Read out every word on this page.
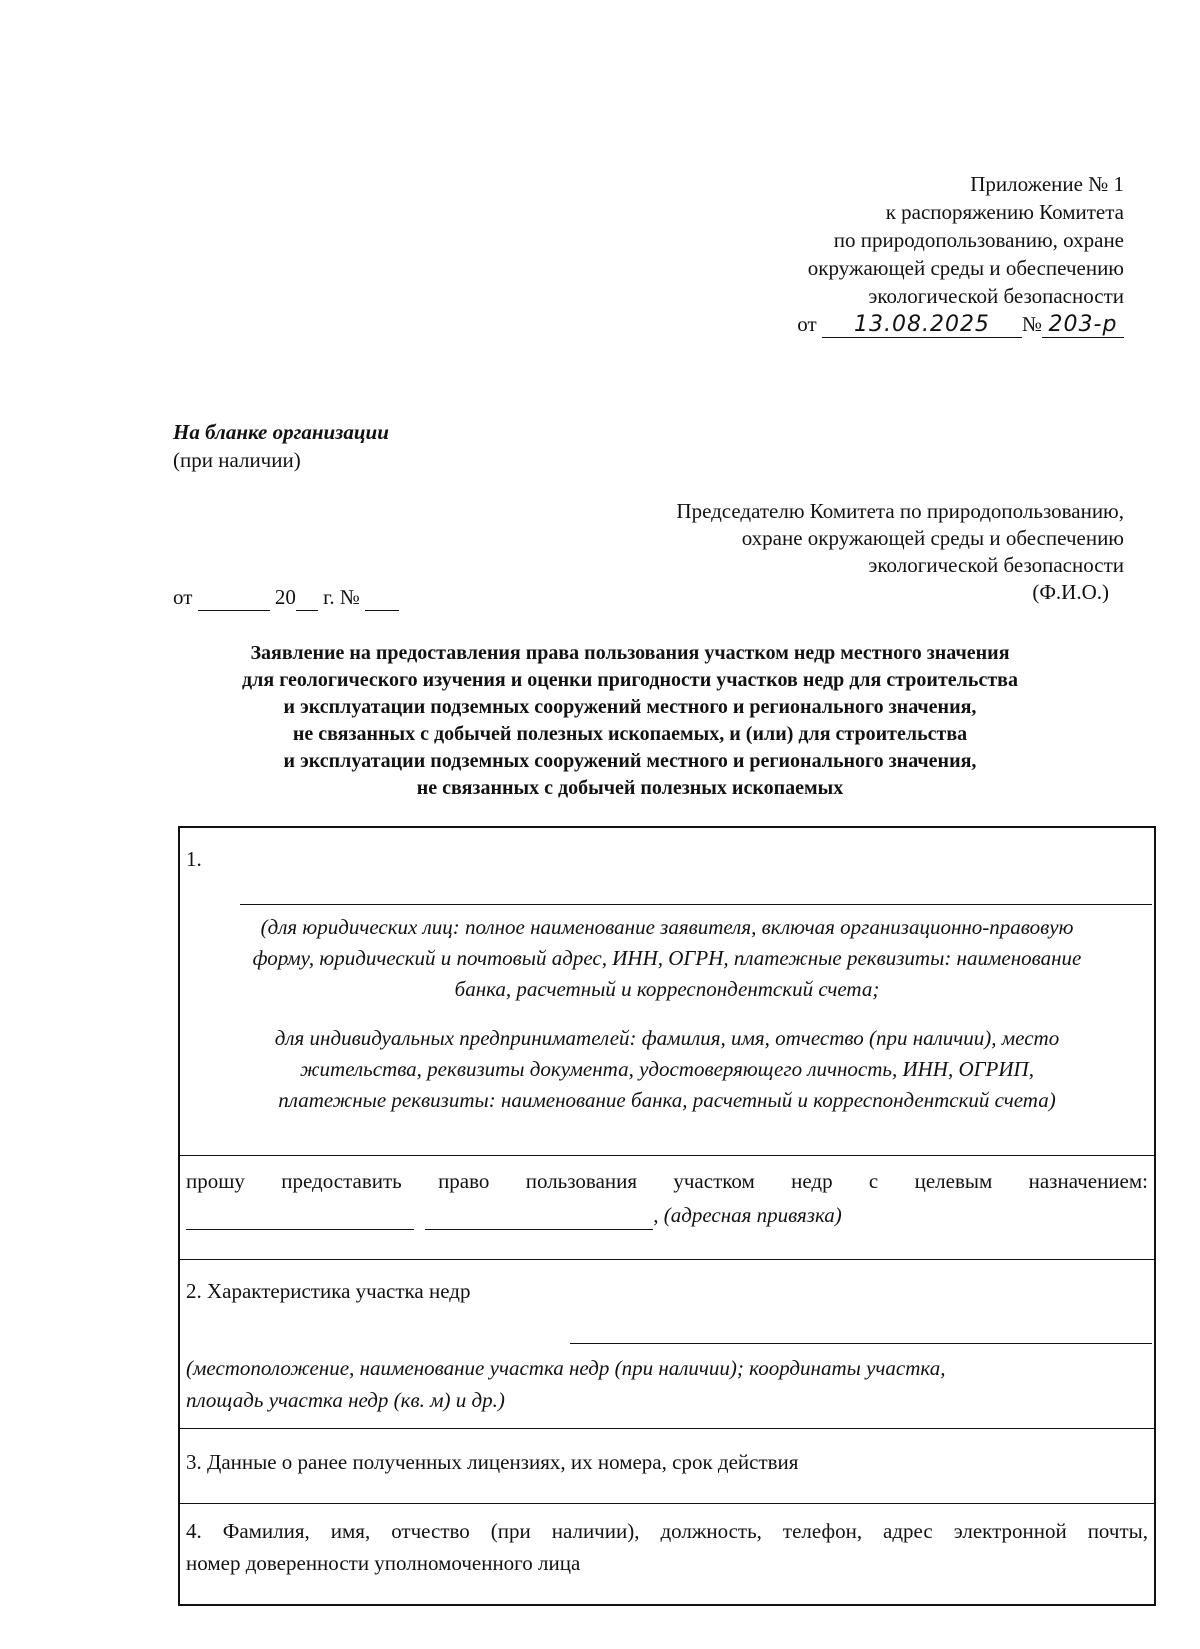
Приложение № 1
к распоряжению Комитета
по природопользованию, охране
окружающей среды и обеспечению
экологической безопасности
от 13.08.2025 № 203-р
На бланке организации
(при наличии)
Председателю Комитета по природопользованию,
охране окружающей среды и обеспечению
экологической безопасности
(Ф.И.О.)
от	20 г. №
Заявление на предоставления права пользования участком недр местного значения
для геологического изучения и оценки пригодности участков недр для строительства
и эксплуатации подземных сооружений местного и регионального значения,
не связанных с добычей полезных ископаемых, и (или) для строительства
и эксплуатации подземных сооружений местного и регионального значения,
не связанных с добычей полезных ископаемых
1.
(для юридических лиц: полное наименование заявителя, включая организационно-правовую
форму, юридический и почтовый адрес, ИНН, ОГРН, платежные реквизиты: наименование
банка, расчетный и корреспондентский счета;
для индивидуальных предпринимателей: фамилия, имя, отчество (при наличии), место
жительства, реквизиты документа, удостоверяющего личность, ИНН, ОГРИП,
платежные реквизиты: наименование банка, расчетный и корреспондентский счета)
прошу предоставить право пользования участком недр с целевым назначением:
, (адресная привязка)
2. Характеристика участка недр
(местоположение, наименование участка недр (при наличии); координаты участка,
площадь участка недр (кв. м) и др.)
3. Данные о ранее полученных лицензиях, их номера, срок действия
4. Фамилия, имя, отчество (при наличии), должность, телефон, адрес электронной почты,
номер доверенности уполномоченного лица
